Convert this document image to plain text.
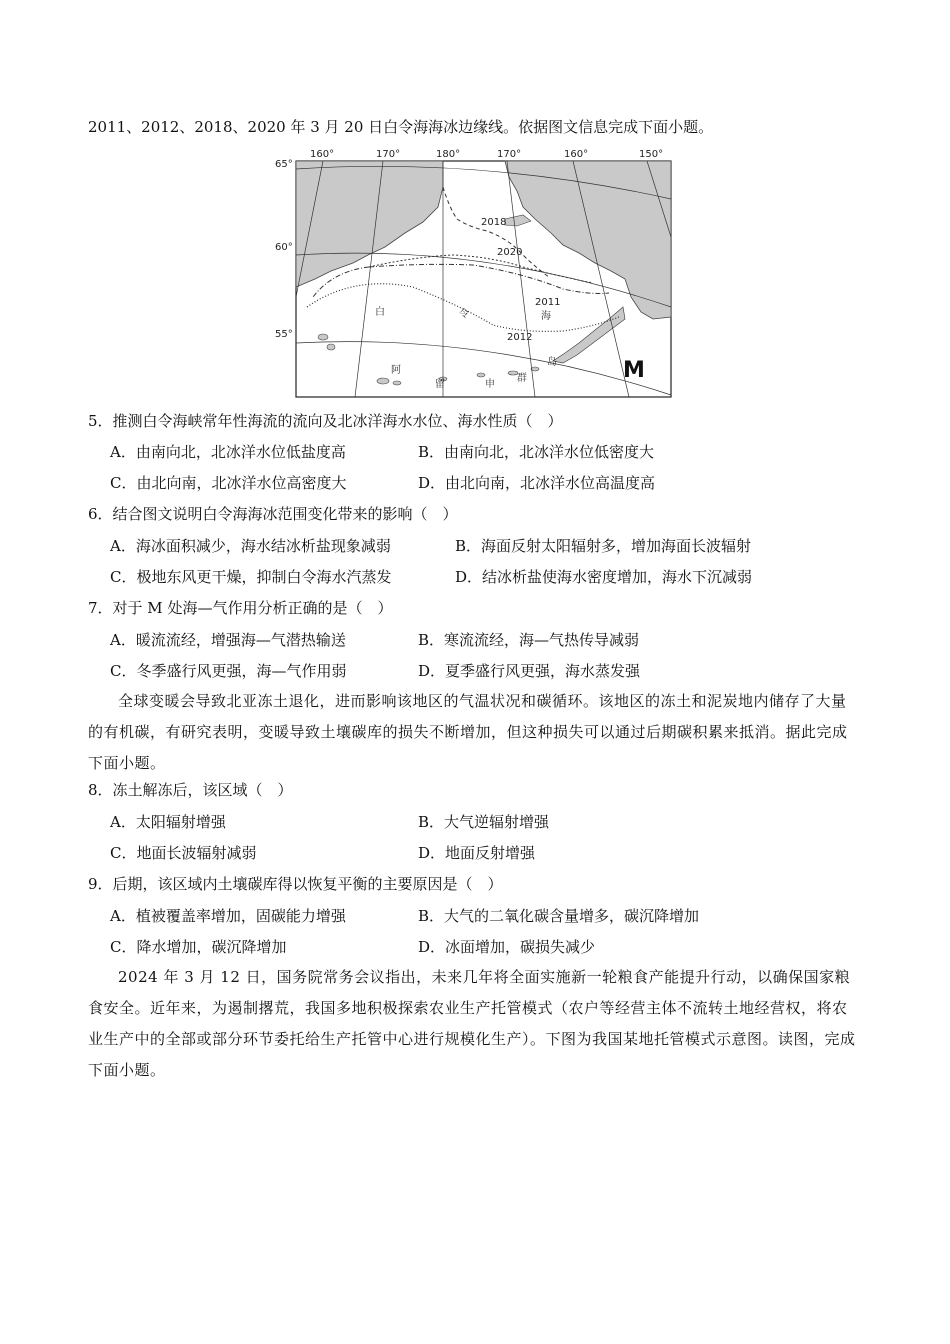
2011、2012、2018、2020 年 3 月 20 日白令海海冰边缘线。依据图文信息完成下面小题。
160°	170°	180°	170°	160°	150°
65°
60°
55°
2018
2020
2011
2012
白	令	海
阿
留	申
群
岛	M
5．推测白令海峡常年性海流的流向及北冰洋海水水位、海水性质（　）
A．由南向北，北冰洋水位低盐度高	B．由南向北，北冰洋水位低密度大
C．由北向南，北冰洋水位高密度大	D．由北向南，北冰洋水位高温度高
6．结合图文说明白令海海冰范围变化带来的影响（　）
A．海冰面积减少，海水结冰析盐现象减弱	B．海面反射太阳辐射多，增加海面长波辐射
C．极地东风更干燥，抑制白令海水汽蒸发	D．结冰析盐使海水密度增加，海水下沉减弱
7．对于 M 处海—气作用分析正确的是（　）
A．暖流流经，增强海—气潜热输送	B．寒流流经，海—气热传导减弱
C．冬季盛行风更强，海—气作用弱	D．夏季盛行风更强，海水蒸发强
全球变暖会导致北亚冻土退化，进而影响该地区的气温状况和碳循环。该地区的冻土和泥炭地内储存了大量的有机碳，有研究表明，变暖导致土壤碳库的损失不断增加，但这种损失可以通过后期碳积累来抵消。据此完成下面小题。
8．冻土解冻后，该区域（　）
A．太阳辐射增强	B．大气逆辐射增强
C．地面长波辐射减弱	D．地面反射增强
9．后期，该区域内土壤碳库得以恢复平衡的主要原因是（　）
A．植被覆盖率增加，固碳能力增强	B．大气的二氧化碳含量增多，碳沉降增加
C．降水增加，碳沉降增加	D．冰面增加，碳损失减少
2024 年 3 月 12 日，国务院常务会议指出，未来几年将全面实施新一轮粮食产能提升行动，以确保国家粮食安全。近年来，为遏制撂荒，我国多地积极探索农业生产托管模式（农户等经营主体不流转土地经营权，将农业生产中的全部或部分环节委托给生产托管中心进行规模化生产）。下图为我国某地托管模式示意图。读图，完成下面小题。
